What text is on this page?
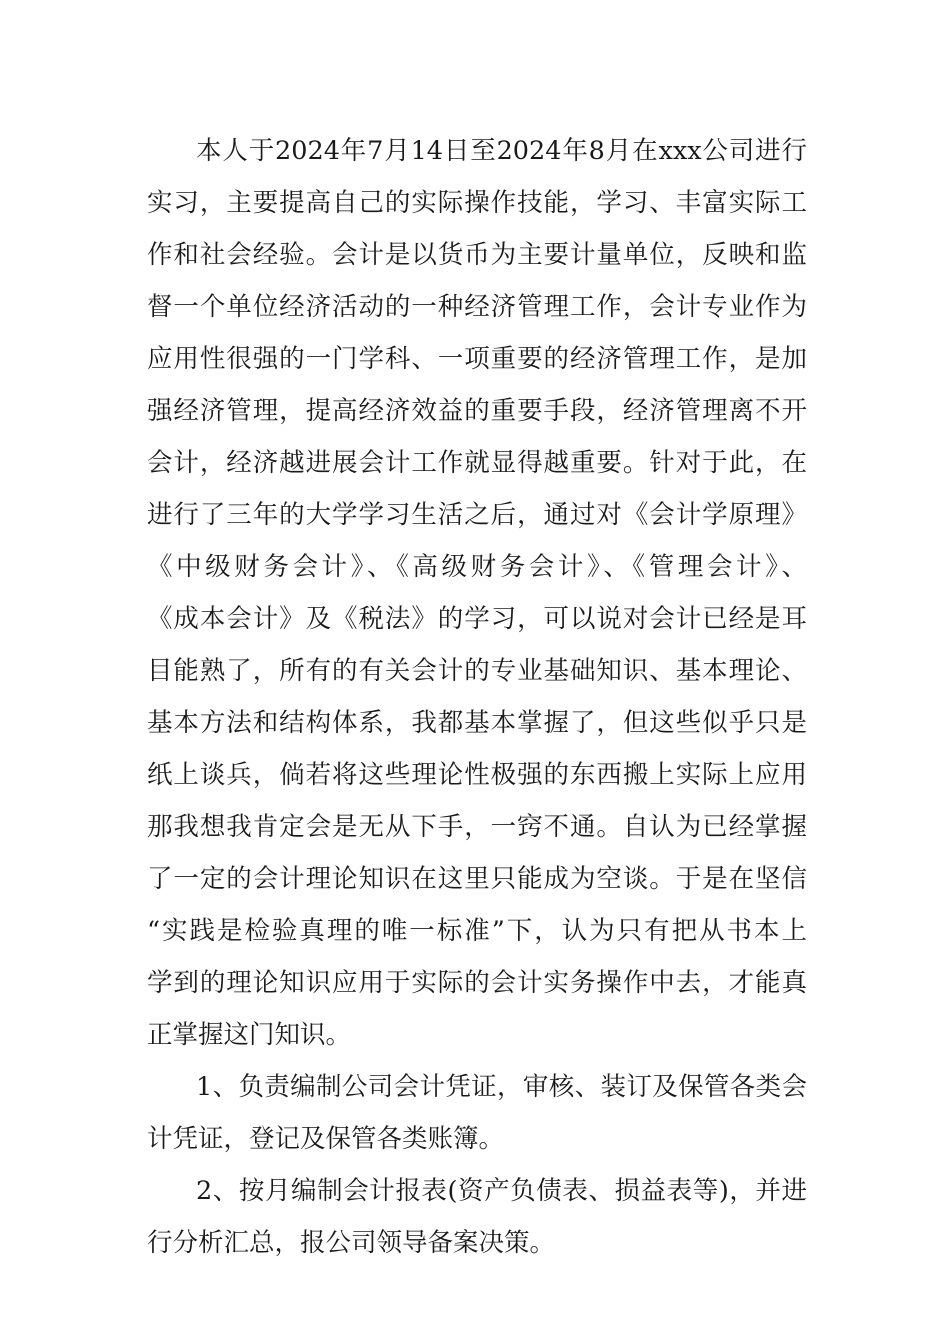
本人于2024年7月14日至2024年8月在xxx公司进行
实习，主要提高自己的实际操作技能，学习、丰富实际工
作和社会经验。会计是以货币为主要计量单位，反映和监
督一个单位经济活动的一种经济管理工作，会计专业作为
应用性很强的一门学科、一项重要的经济管理工作，是加
强经济管理，提高经济效益的重要手段，经济管理离不开
会计，经济越进展会计工作就显得越重要。针对于此，在
进行了三年的大学学习生活之后，通过对《会计学原理》
《中级财务会计》、《高级财务会计》、《管理会计》、
《成本会计》及《税法》的学习，可以说对会计已经是耳
目能熟了，所有的有关会计的专业基础知识、基本理论、
基本方法和结构体系，我都基本掌握了，但这些似乎只是
纸上谈兵，倘若将这些理论性极强的东西搬上实际上应用
那我想我肯定会是无从下手，一窍不通。自认为已经掌握
了一定的会计理论知识在这里只能成为空谈。于是在坚信
“实践是检验真理的唯一标准”下，认为只有把从书本上
学到的理论知识应用于实际的会计实务操作中去，才能真
正掌握这门知识。
1、负责编制公司会计凭证，审核、装订及保管各类会
计凭证，登记及保管各类账簿。
2、按月编制会计报表(资产负债表、损益表等)，并进
行分析汇总，报公司领导备案决策。
